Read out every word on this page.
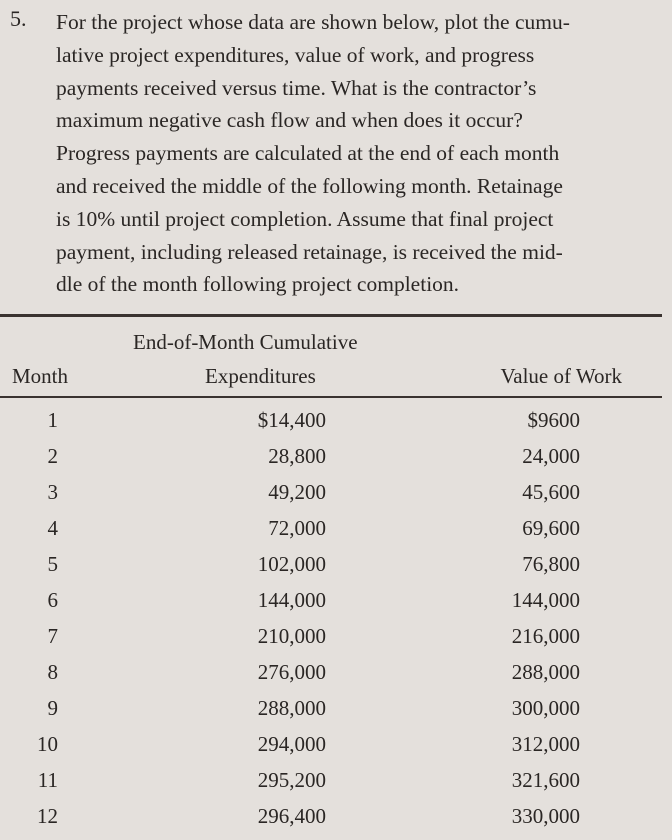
5. For the project whose data are shown below, plot the cumu-
lative project expenditures, value of work, and progress
payments received versus time. What is the contractor’s
maximum negative cash flow and when does it occur?
Progress payments are calculated at the end of each month
and received the middle of the following month. Retainage
is 10% until project completion. Assume that final project
payment, including released retainage, is received the mid-
dle of the month following project completion.
End-of-Month Cumulative
Month	Expenditures	Value of Work
1	$14,400	$9600
2	28,800	24,000
3	49,200	45,600
4	72,000	69,600
5	102,000	76,800
6	144,000	144,000
7	210,000	216,000
8	276,000	288,000
9	288,000	300,000
10	294,000	312,000
11	295,200	321,600
12	296,400	330,000
